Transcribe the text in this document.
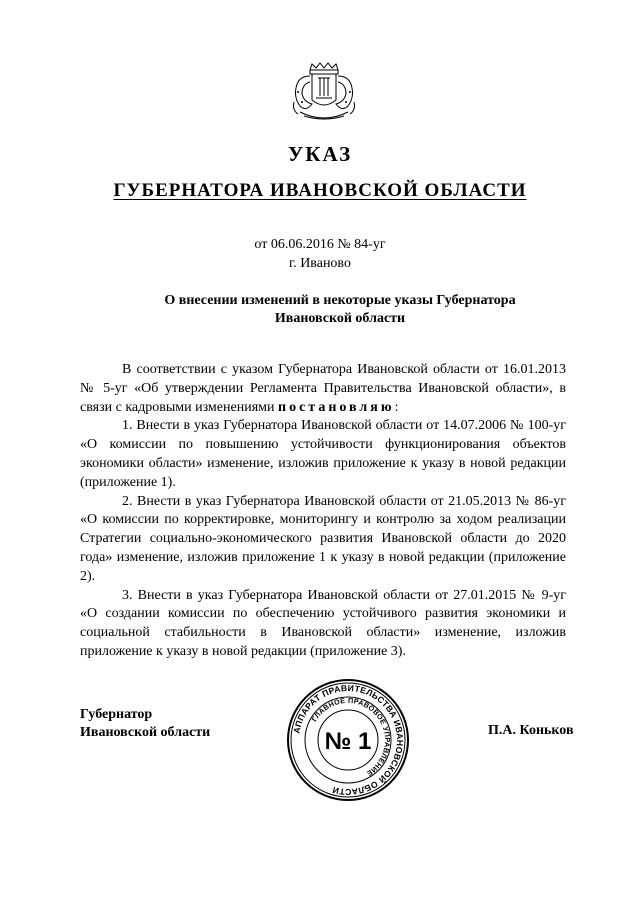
УКАЗ
ГУБЕРНАТОРА ИВАНОВСКОЙ ОБЛАСТИ
от 06.06.2016 № 84-уг
г. Иваново
О внесении изменений в некоторые указы Губернатора
Ивановской области

В соответствии с указом Губернатора Ивановской области от 16.01.2013 № 5-уг «Об утверждении Регламента Правительства Ивановской области», в связи с кадровыми изменениями постановляю:

1. Внести в указ Губернатора Ивановской области от 14.07.2006 № 100-уг «О комиссии по повышению устойчивости функционирования объектов экономики области» изменение, изложив приложение к указу в новой редакции (приложение 1).

2. Внести в указ Губернатора Ивановской области от 21.05.2013 № 86-уг «О комиссии по корректировке, мониторингу и контролю за ходом реализации Стратегии социально-экономического развития Ивановской области до 2020 года» изменение, изложив приложение 1 к указу в новой редакции (приложение 2).

3. Внести в указ Губернатора Ивановской области от 27.01.2015 № 9-уг «О создании комиссии по обеспечению устойчивого развития экономики и социальной стабильности в Ивановской области» изменение, изложив приложение к указу в новой редакции (приложение 3).

Губернатор
Ивановской области	П.А. Коньков
АППАРАТ ПРАВИТЕЛЬСТВА ИВАНОВСКОЙ ОБЛАСТИ
ГЛАВНОЕ ПРАВОВОЕ УПРАВЛЕНИЕ
№ 1
